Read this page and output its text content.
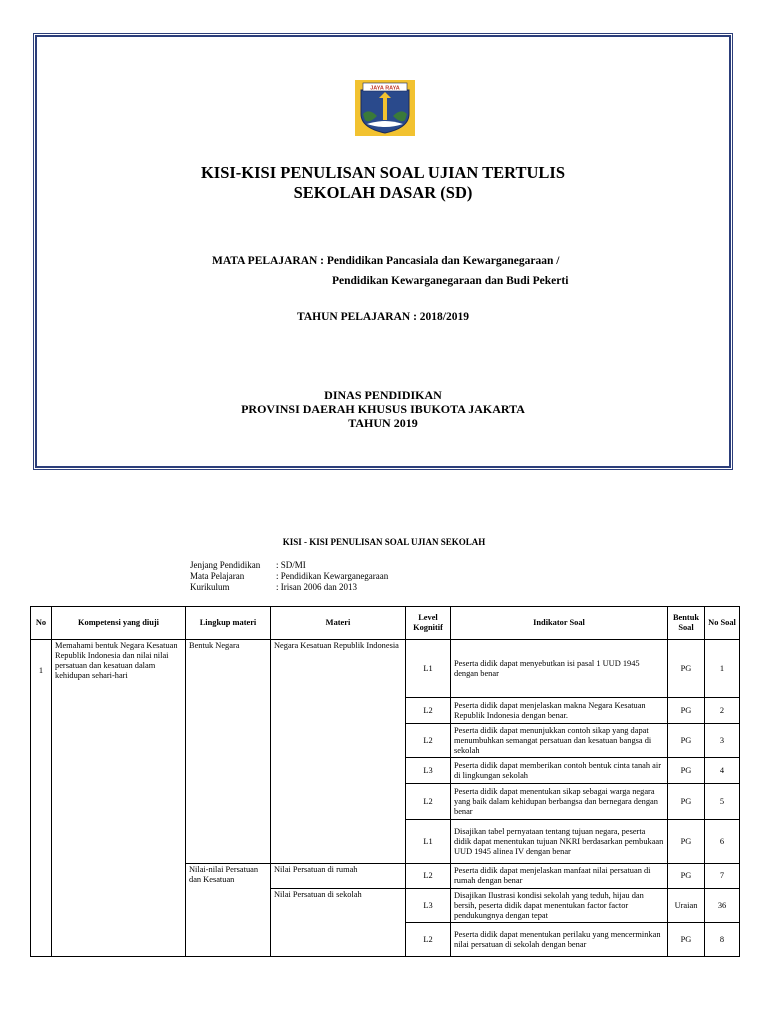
JAYA RAYA
KISI-KISI PENULISAN SOAL UJIAN TERTULIS
SEKOLAH DASAR (SD)
MATA PELAJARAN : Pendidikan Pancasiala dan Kewarganegaraan /
Pendidikan Kewarganegaraan dan Budi Pekerti
TAHUN PELAJARAN : 2018/2019
DINAS PENDIDIKAN
PROVINSI DAERAH KHUSUS IBUKOTA JAKARTA
TAHUN 2019
KISI - KISI PENULISAN SOAL UJIAN SEKOLAH
Jenjang Pendidikan	: SD/MI
Mata Pelajaran	: Pendidikan Kewarganegaraan
Kurikulum	: Irisan 2006 dan 2013
No	Kompetensi yang diuji	Lingkup materi	Materi	Level Kognitif	Indikator Soal	Bentuk Soal	No Soal
1	Memahami bentuk Negara Kesatuan Republik Indonesia dan nilai nilai persatuan dan kesatuan dalam kehidupan sehari-hari	Bentuk Negara	Negara Kesatuan Republik Indonesia	L1	Peserta didik dapat menyebutkan isi pasal 1 UUD 1945 dengan benar	PG	1
				L2	Peserta didik dapat menjelaskan makna Negara Kesatuan Republik Indonesia dengan benar.	PG	2
				L2	Peserta didik dapat menunjukkan contoh sikap yang dapat menumbuhkan semangat persatuan dan kesatuan bangsa di sekolah	PG	3
				L3	Peserta didik dapat memberikan contoh bentuk cinta tanah air di lingkungan sekolah	PG	4
				L2	Peserta didik dapat menentukan sikap sebagai warga negara yang baik dalam kehidupan berbangsa dan bernegara dengan benar	PG	5
				L1	Disajikan tabel pernyataan tentang tujuan negara, peserta didik dapat menentukan tujuan NKRI berdasarkan pembukaan UUD 1945 alinea IV dengan benar	PG	6
		Nilai-nilai Persatuan dan Kesatuan	Nilai Persatuan di rumah	L2	Peserta didik dapat menjelaskan manfaat nilai persatuan di rumah dengan benar	PG	7
			Nilai Persatuan di sekolah	L3	Disajikan Ilustrasi kondisi sekolah yang teduh, hijau dan bersih, peserta didik dapat menentukan factor factor pendukungnya dengan tepat	Uraian	36
				L2	Peserta didik dapat menentukan perilaku yang mencerminkan nilai persatuan di sekolah dengan benar	PG	8
